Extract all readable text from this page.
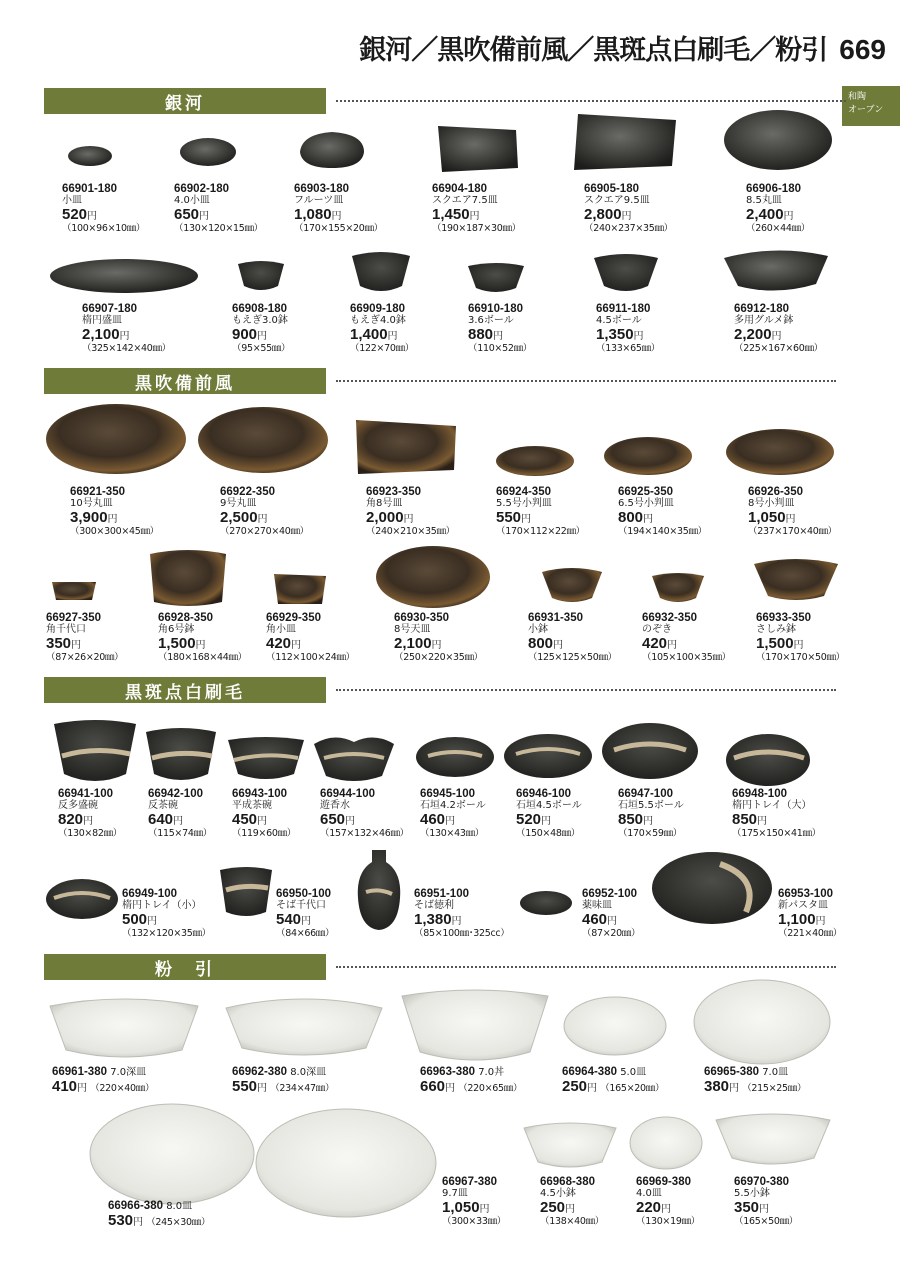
銀河／黒吹備前風／黒斑点白刷毛／粉引 669
和陶
オーブン
銀河
黒吹備前風
黒斑点白刷毛
粉　引
66901-180
小皿
520円
（100×96×10㎜）
66902-180
4.0小皿
650円
（130×120×15㎜）
66903-180
フルーツ皿
1,080円
（170×155×20㎜）
66904-180
スクエア7.5皿
1,450円
（190×187×30㎜）
66905-180
スクエア9.5皿
2,800円
（240×237×35㎜）
66906-180
8.5丸皿
2,400円
（260×44㎜）
66907-180
楕円盛皿
2,100円
（325×142×40㎜）
66908-180
もえぎ3.0鉢
900円
（95×55㎜）
66909-180
もえぎ4.0鉢
1,400円
（122×70㎜）
66910-180
3.6ボール
880円
（110×52㎜）
66911-180
4.5ボール
1,350円
（133×65㎜）
66912-180
多用グルメ鉢
2,200円
（225×167×60㎜）
66921-350
10号丸皿
3,900円
（300×300×45㎜）
66922-350
9号丸皿
2,500円
（270×270×40㎜）
66923-350
角8号皿
2,000円
（240×210×35㎜）
66924-350
5.5号小判皿
550円
（170×112×22㎜）
66925-350
6.5号小判皿
800円
（194×140×35㎜）
66926-350
8号小判皿
1,050円
（237×170×40㎜）
66927-350
角千代口
350円
（87×26×20㎜）
66928-350
角6号鉢
1,500円
（180×168×44㎜）
66929-350
角小皿
420円
（112×100×24㎜）
66930-350
8号天皿
2,100円
（250×220×35㎜）
66931-350
小鉢
800円
（125×125×50㎜）
66932-350
のぞき
420円
（105×100×35㎜）
66933-350
さしみ鉢
1,500円
（170×170×50㎜）
66941-100
反多盛碗
820円
（130×82㎜）
66942-100
反茶碗
640円
（115×74㎜）
66943-100
平成茶碗
450円
（119×60㎜）
66944-100
遊香水
650円
（157×132×46㎜）
66945-100
石垣4.2ボール
460円
（130×43㎜）
66946-100
石垣4.5ボール
520円
（150×48㎜）
66947-100
石垣5.5ボール
850円
（170×59㎜）
66948-100
楕円トレイ（大）
850円
（175×150×41㎜）
66949-100
楕円トレイ（小）
500円
（132×120×35㎜）
66950-100
そば千代口
540円
（84×66㎜）
66951-100
そば徳利
1,380円
（85×100㎜･325cc）
66952-100
薬味皿
460円
（87×20㎜）
66953-100
新パスタ皿
1,100円
（221×40㎜）
66961-380 7.0深皿
410円 （220×40㎜）
66962-380 8.0深皿
550円 （234×47㎜）
66963-380 7.0丼
660円 （220×65㎜）
66964-380 5.0皿
250円 （165×20㎜）
66965-380 7.0皿
380円 （215×25㎜）
66966-380 8.0皿
530円 （245×30㎜）
66967-380
9.7皿
1,050円
（300×33㎜）
66968-380
4.5小鉢
250円
（138×40㎜）
66969-380
4.0皿
220円
（130×19㎜）
66970-380
5.5小鉢
350円
（165×50㎜）
